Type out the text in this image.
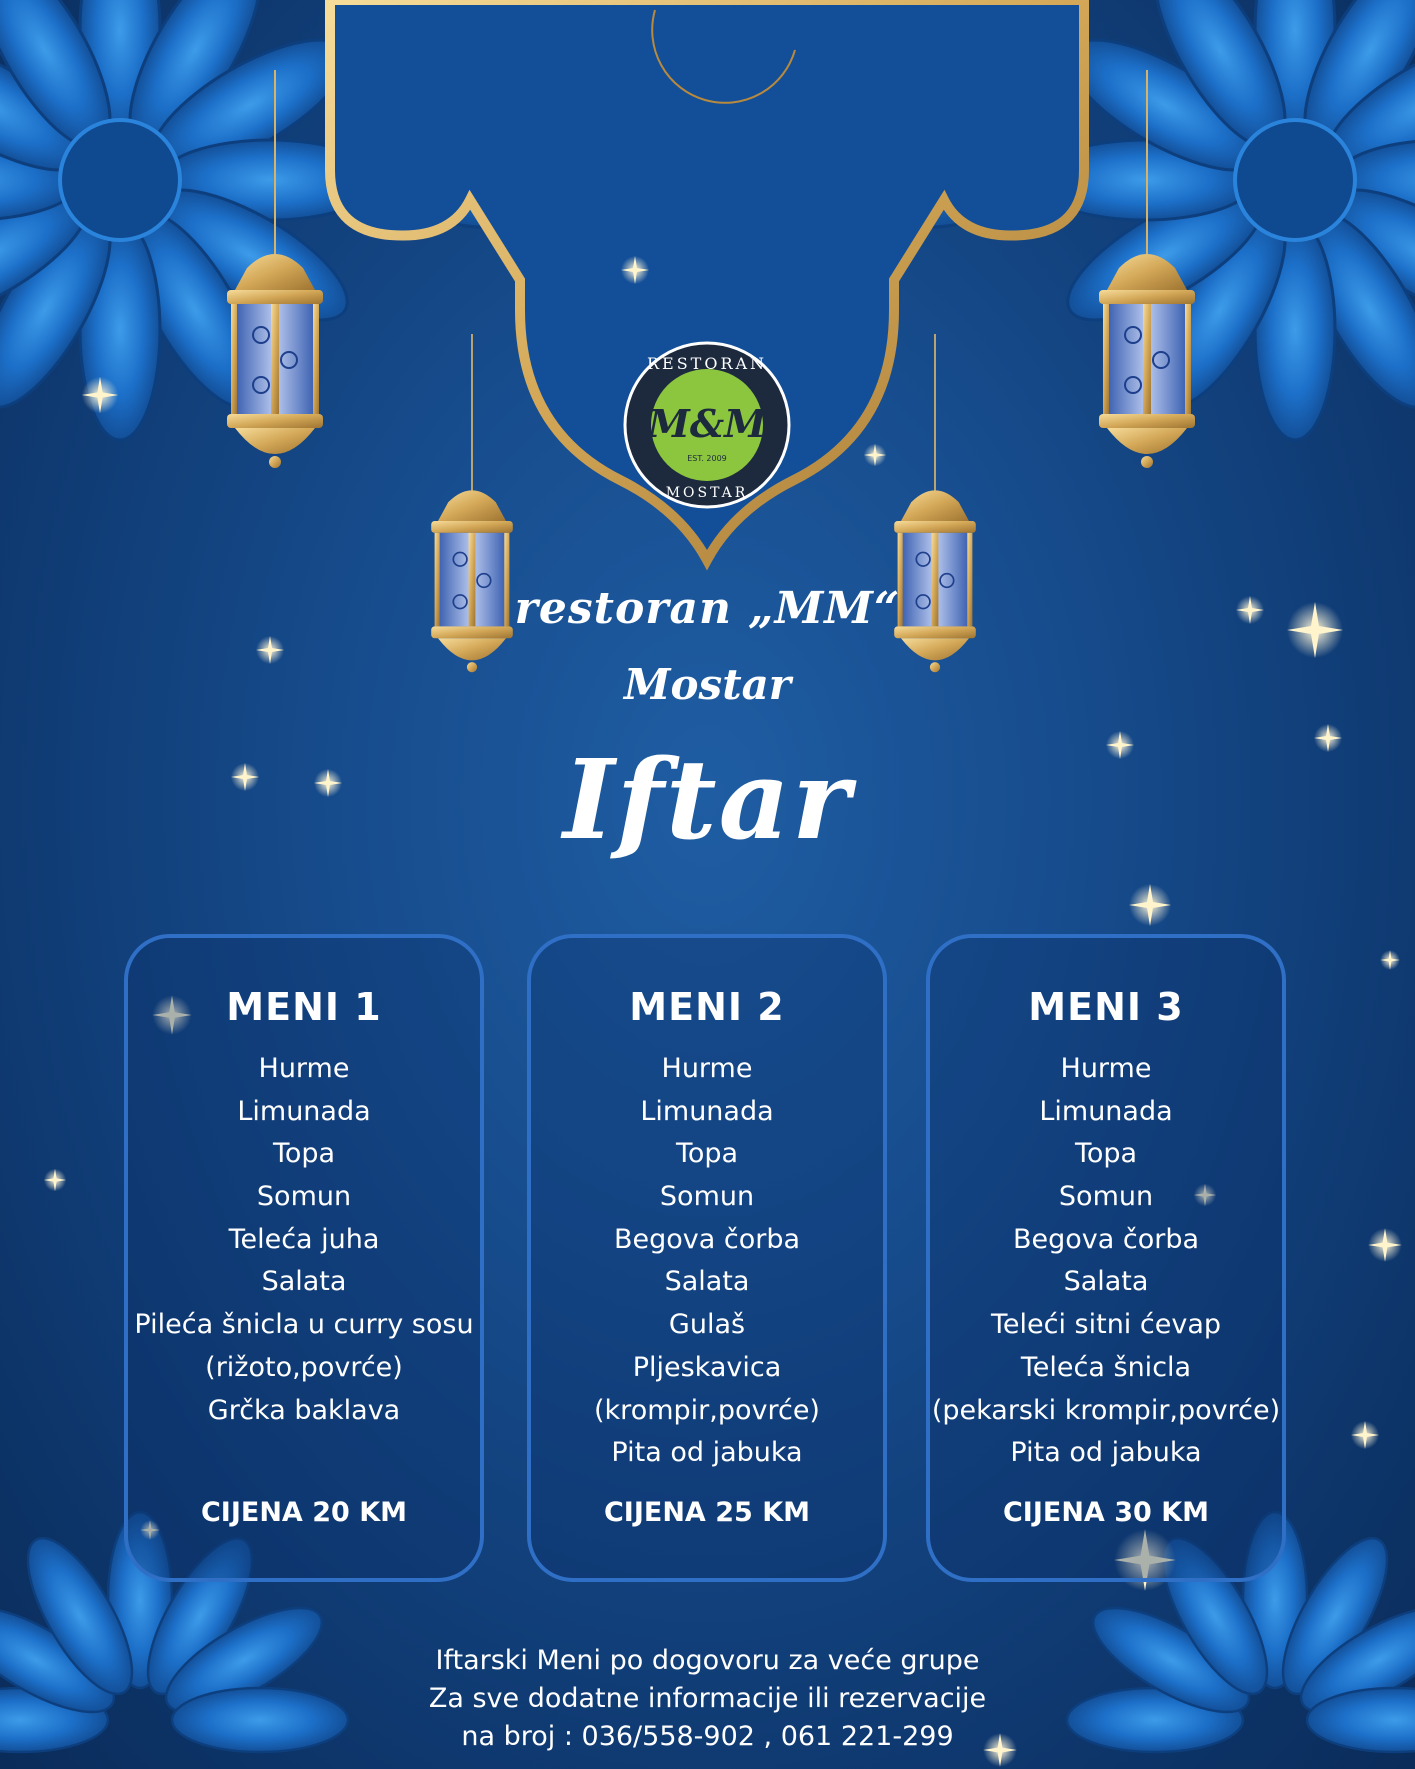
RESTORAN
M&M
EST. 2009
MOSTAR
restoran „MM“
Mostar
Iftar
MENI 1
Hurme
Limunada
Topa
Somun
Teleća juha
Salata
Pileća šnicla u curry sosu
(rižoto,povrće)
Grčka baklava
CIJENA 20 KM
MENI 2
Hurme
Limunada
Topa
Somun
Begova čorba
Salata
Gulaš
Pljeskavica
(krompir,povrće)
Pita od jabuka
CIJENA 25 KM
MENI 3
Hurme
Limunada
Topa
Somun
Begova čorba
Salata
Teleći sitni ćevap
Teleća šnicla
(pekarski krompir,povrće)
Pita od jabuka
CIJENA 30 KM
Iftarski Meni po dogovoru za veće grupe
Za sve dodatne informacije ili rezervacije
na broj : 036/558-902 , 061 221-299
